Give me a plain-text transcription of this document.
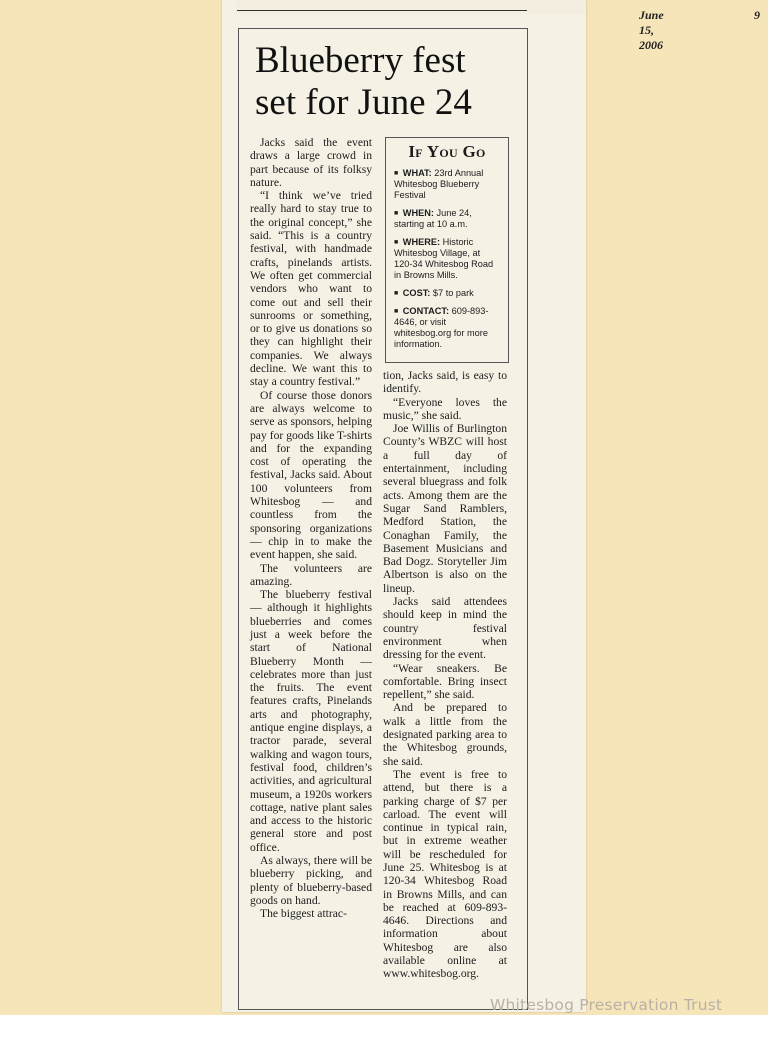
June 15, 2006
9
Blueberry fest
set for June 24

Jacks said the event draws a large crowd in part because of its folksy nature.

“I think we’ve tried really hard to stay true to the original concept,” she said. “This is a country festival, with handmade crafts, pinelands artists. We often get commercial vendors who want to come out and sell their sunrooms or something, or to give us donations so they can highlight their companies. We always decline. We want this to stay a country festival.”

Of course those donors are always welcome to serve as sponsors, helping pay for goods like T-shirts and for the expanding cost of operating the festival, Jacks said. About 100 volunteers from Whitesbog — and countless from the sponsoring organizations — chip in to make the event happen, she said.

The volunteers are amazing.

The blueberry festival — although it highlights blueberries and comes just a week before the start of National Blueberry Month — celebrates more than just the fruits. The event features crafts, Pinelands arts and photography, antique engine displays, a tractor parade, several walking and wagon tours, festival food, children’s activities, and agricultural museum, a 1920s workers cottage, native plant sales and access to the historic general store and post office.

As always, there will be blueberry picking, and plenty of blueberry-based goods on hand.

The biggest attrac-

If You Go
■ WHAT: 23rd Annual Whitesbog Blueberry Festival
■ WHEN: June 24, starting at 10 a.m.
■ WHERE: Historic Whitesbog Village, at 120-34 Whitesbog Road in Browns Mills.
■ COST: $7 to park
■ CONTACT: 609-893-4646, or visit whitesbog.org for more information.

tion, Jacks said, is easy to identify.

“Everyone loves the music,” she said.

Joe Willis of Burlington County’s WBZC will host a full day of entertainment, including several bluegrass and folk acts. Among them are the Sugar Sand Ramblers, Medford Station, the Conaghan Family, the Basement Musicians and Bad Dogz. Storyteller Jim Albertson is also on the lineup.

Jacks said attendees should keep in mind the country festival environment when dressing for the event.

“Wear sneakers. Be comfortable. Bring insect repellent,” she said.

And be prepared to walk a little from the designated parking area to the Whitesbog grounds, she said.

The event is free to attend, but there is a parking charge of $7 per carload. The event will continue in typical rain, but in extreme weather will be rescheduled for June 25. Whitesbog is at 120-34 Whitesbog Road in Browns Mills, and can be reached at 609-893-4646. Directions and information about Whitesbog are also available online at www.whitesbog.org.

Whitesbog Preservation Trust
